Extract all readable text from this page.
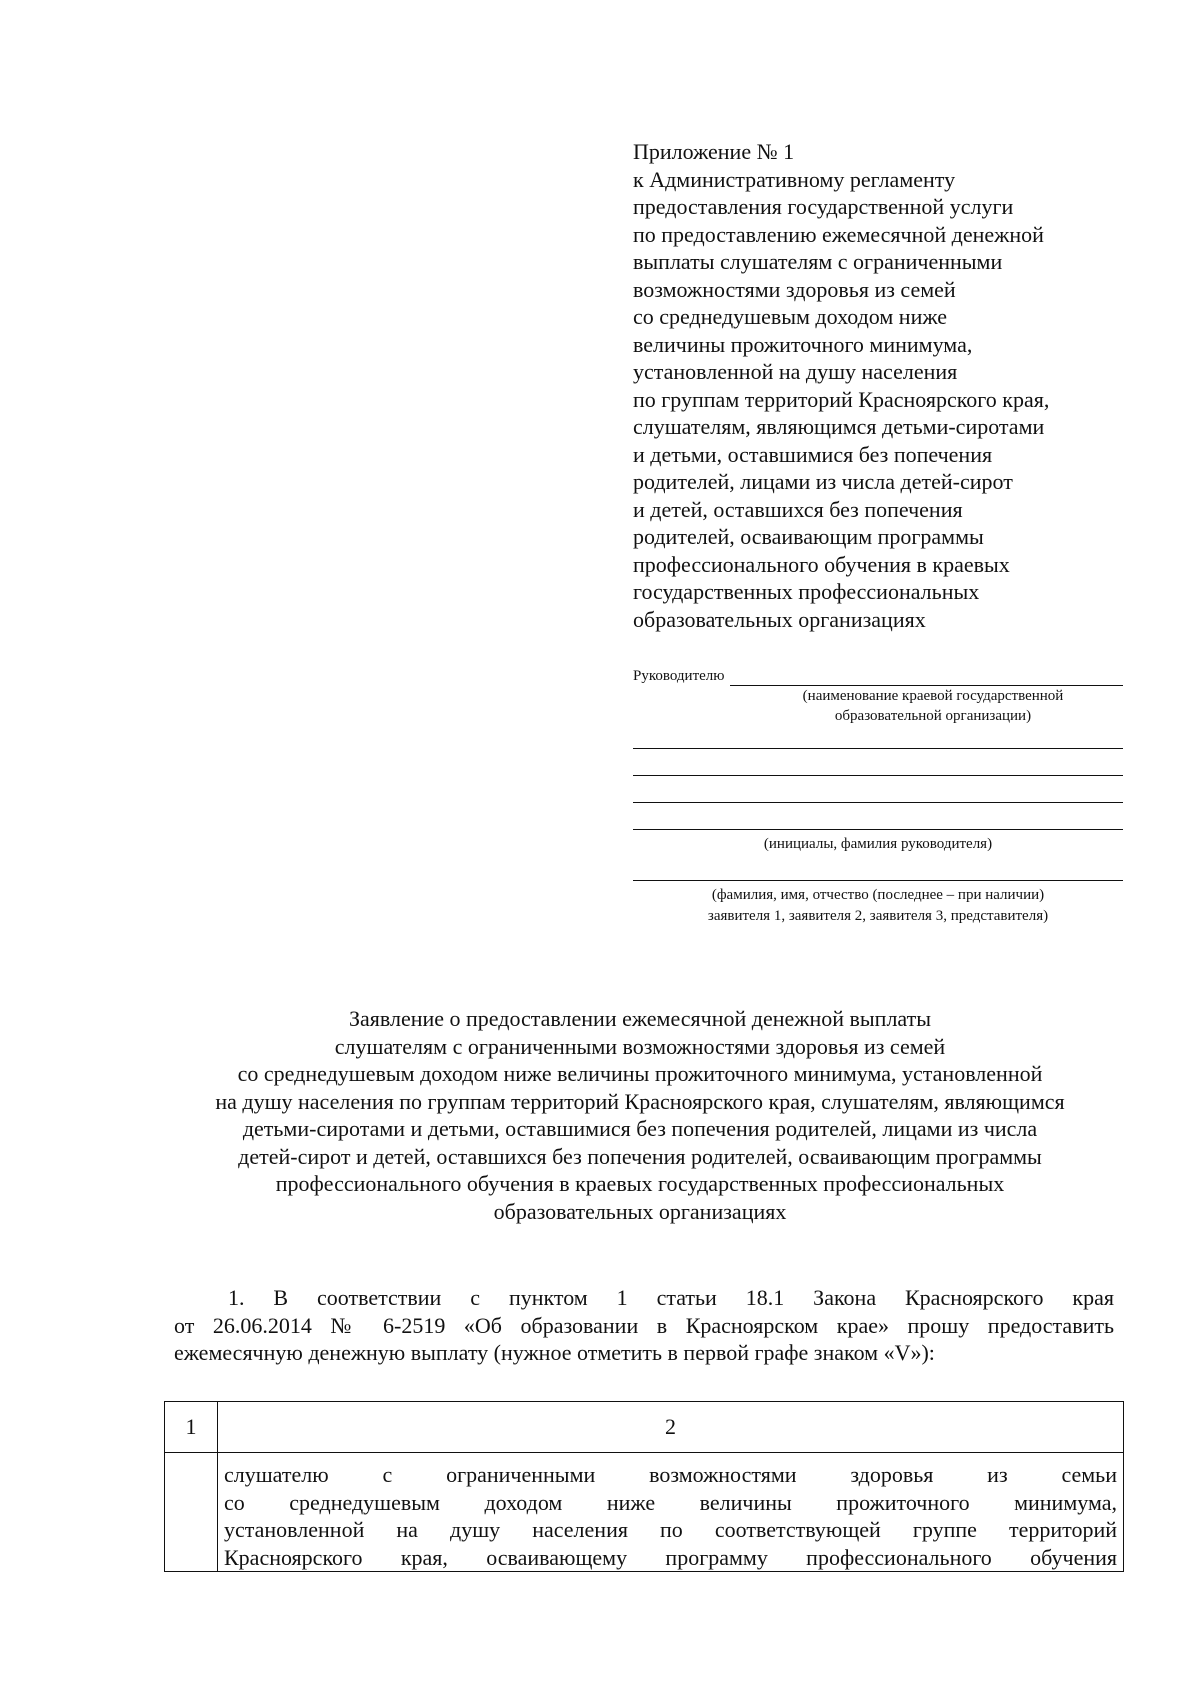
Приложение № 1
к Административному регламенту
предоставления государственной услуги
по предоставлению ежемесячной денежной
выплаты слушателям с ограниченными
возможностями здоровья из семей
со среднедушевым доходом ниже
величины прожиточного минимума,
установленной на душу населения
по группам территорий Красноярского края,
слушателям, являющимся детьми-сиротами
и детьми, оставшимися без попечения
родителей, лицами из числа детей-сирот
и детей, оставшихся без попечения
родителей, осваивающим программы
профессионального обучения в краевых
государственных профессиональных
образовательных организациях
Руководителю
(наименование краевой государственной
образовательной организации)
(инициалы, фамилия руководителя)
(фамилия, имя, отчество (последнее – при наличии)
заявителя 1, заявителя 2, заявителя 3, представителя)
Заявление о предоставлении ежемесячной денежной выплаты
слушателям с ограниченными возможностями здоровья из семей
со среднедушевым доходом ниже величины прожиточного минимума, установленной
на душу населения по группам территорий Красноярского края, слушателям, являющимся
детьми-сиротами и детьми, оставшимися без попечения родителей, лицами из числа
детей-сирот и детей, оставшихся без попечения родителей, осваивающим программы
профессионального обучения в краевых государственных профессиональных
образовательных организациях
1. В соответствии с пунктом 1 статьи 18.1 Закона Красноярского края
от 26.06.2014 № 6-2519 «Об образовании в Красноярском крае» прошу предоставить
ежемесячную денежную выплату (нужное отметить в первой графе знаком «V»):
1	2

	слушателю с ограниченными возможностями здоровья из семьи
со среднедушевым доходом ниже величины прожиточного минимума,
установленной на душу населения по соответствующей группе территорий
Красноярского края, осваивающему программу профессионального обучения
